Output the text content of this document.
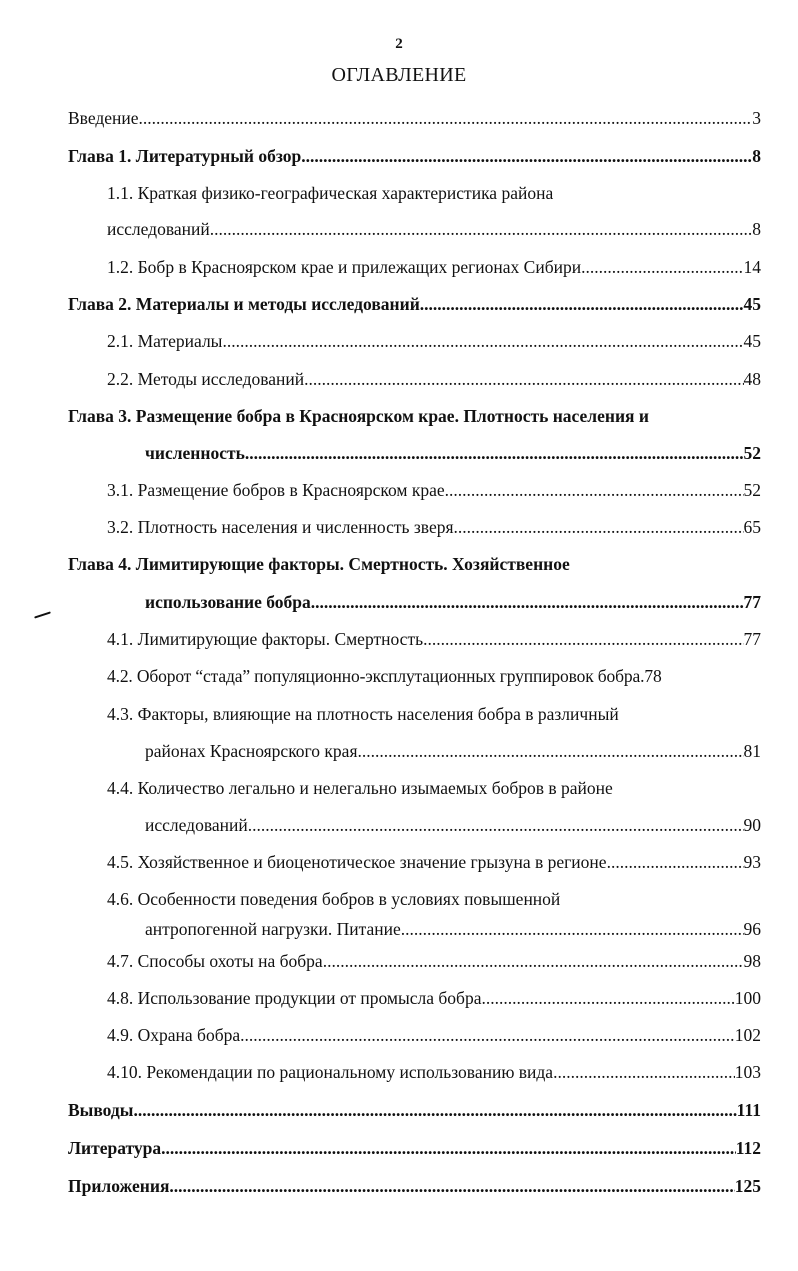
2
ОГЛАВЛЕНИЕ
Введение .....	3
Глава 1. Литературный обзор .....	8
1.1. Краткая физико-географическая характеристика района
исследований .....	8
1.2. Бобр в Красноярском крае и прилежащих регионах Сибири .....	14
Глава 2. Материалы и методы исследований .....	45
2.1. Материалы .....	45
2.2. Методы исследований .....	48
Глава 3. Размещение бобра в Красноярском крае. Плотность населения и
численность .....	52
3.1. Размещение бобров в Красноярском крае .....	52
3.2. Плотность населения и численность зверя .....	65
Глава 4. Лимитирующие факторы. Смертность. Хозяйственное
использование бобра .....	77
4.1. Лимитирующие факторы. Смертность .....	77
4.2. Оборот “стада” популяционно-эксплутационных группировок бобра. 78
4.3. Факторы, влияющие на плотность населения бобра в различный
районах Красноярского края .....	81
4.4. Количество легально и нелегально изымаемых бобров в районе
исследований .....	90
4.5. Хозяйственное и биоценотическое значение грызуна в регионе .....	93
4.6. Особенности поведения бобров в условиях повышенной
антропогенной нагрузки. Питание .....	96
4.7. Способы охоты на бобра .....	98
4.8. Использование продукции от промысла бобра .....	100
4.9. Охрана бобра .....	102
4.10. Рекомендации по рациональному использованию вида .....	103
Выводы .....	111
Литература .....	112
Приложения .....	125
